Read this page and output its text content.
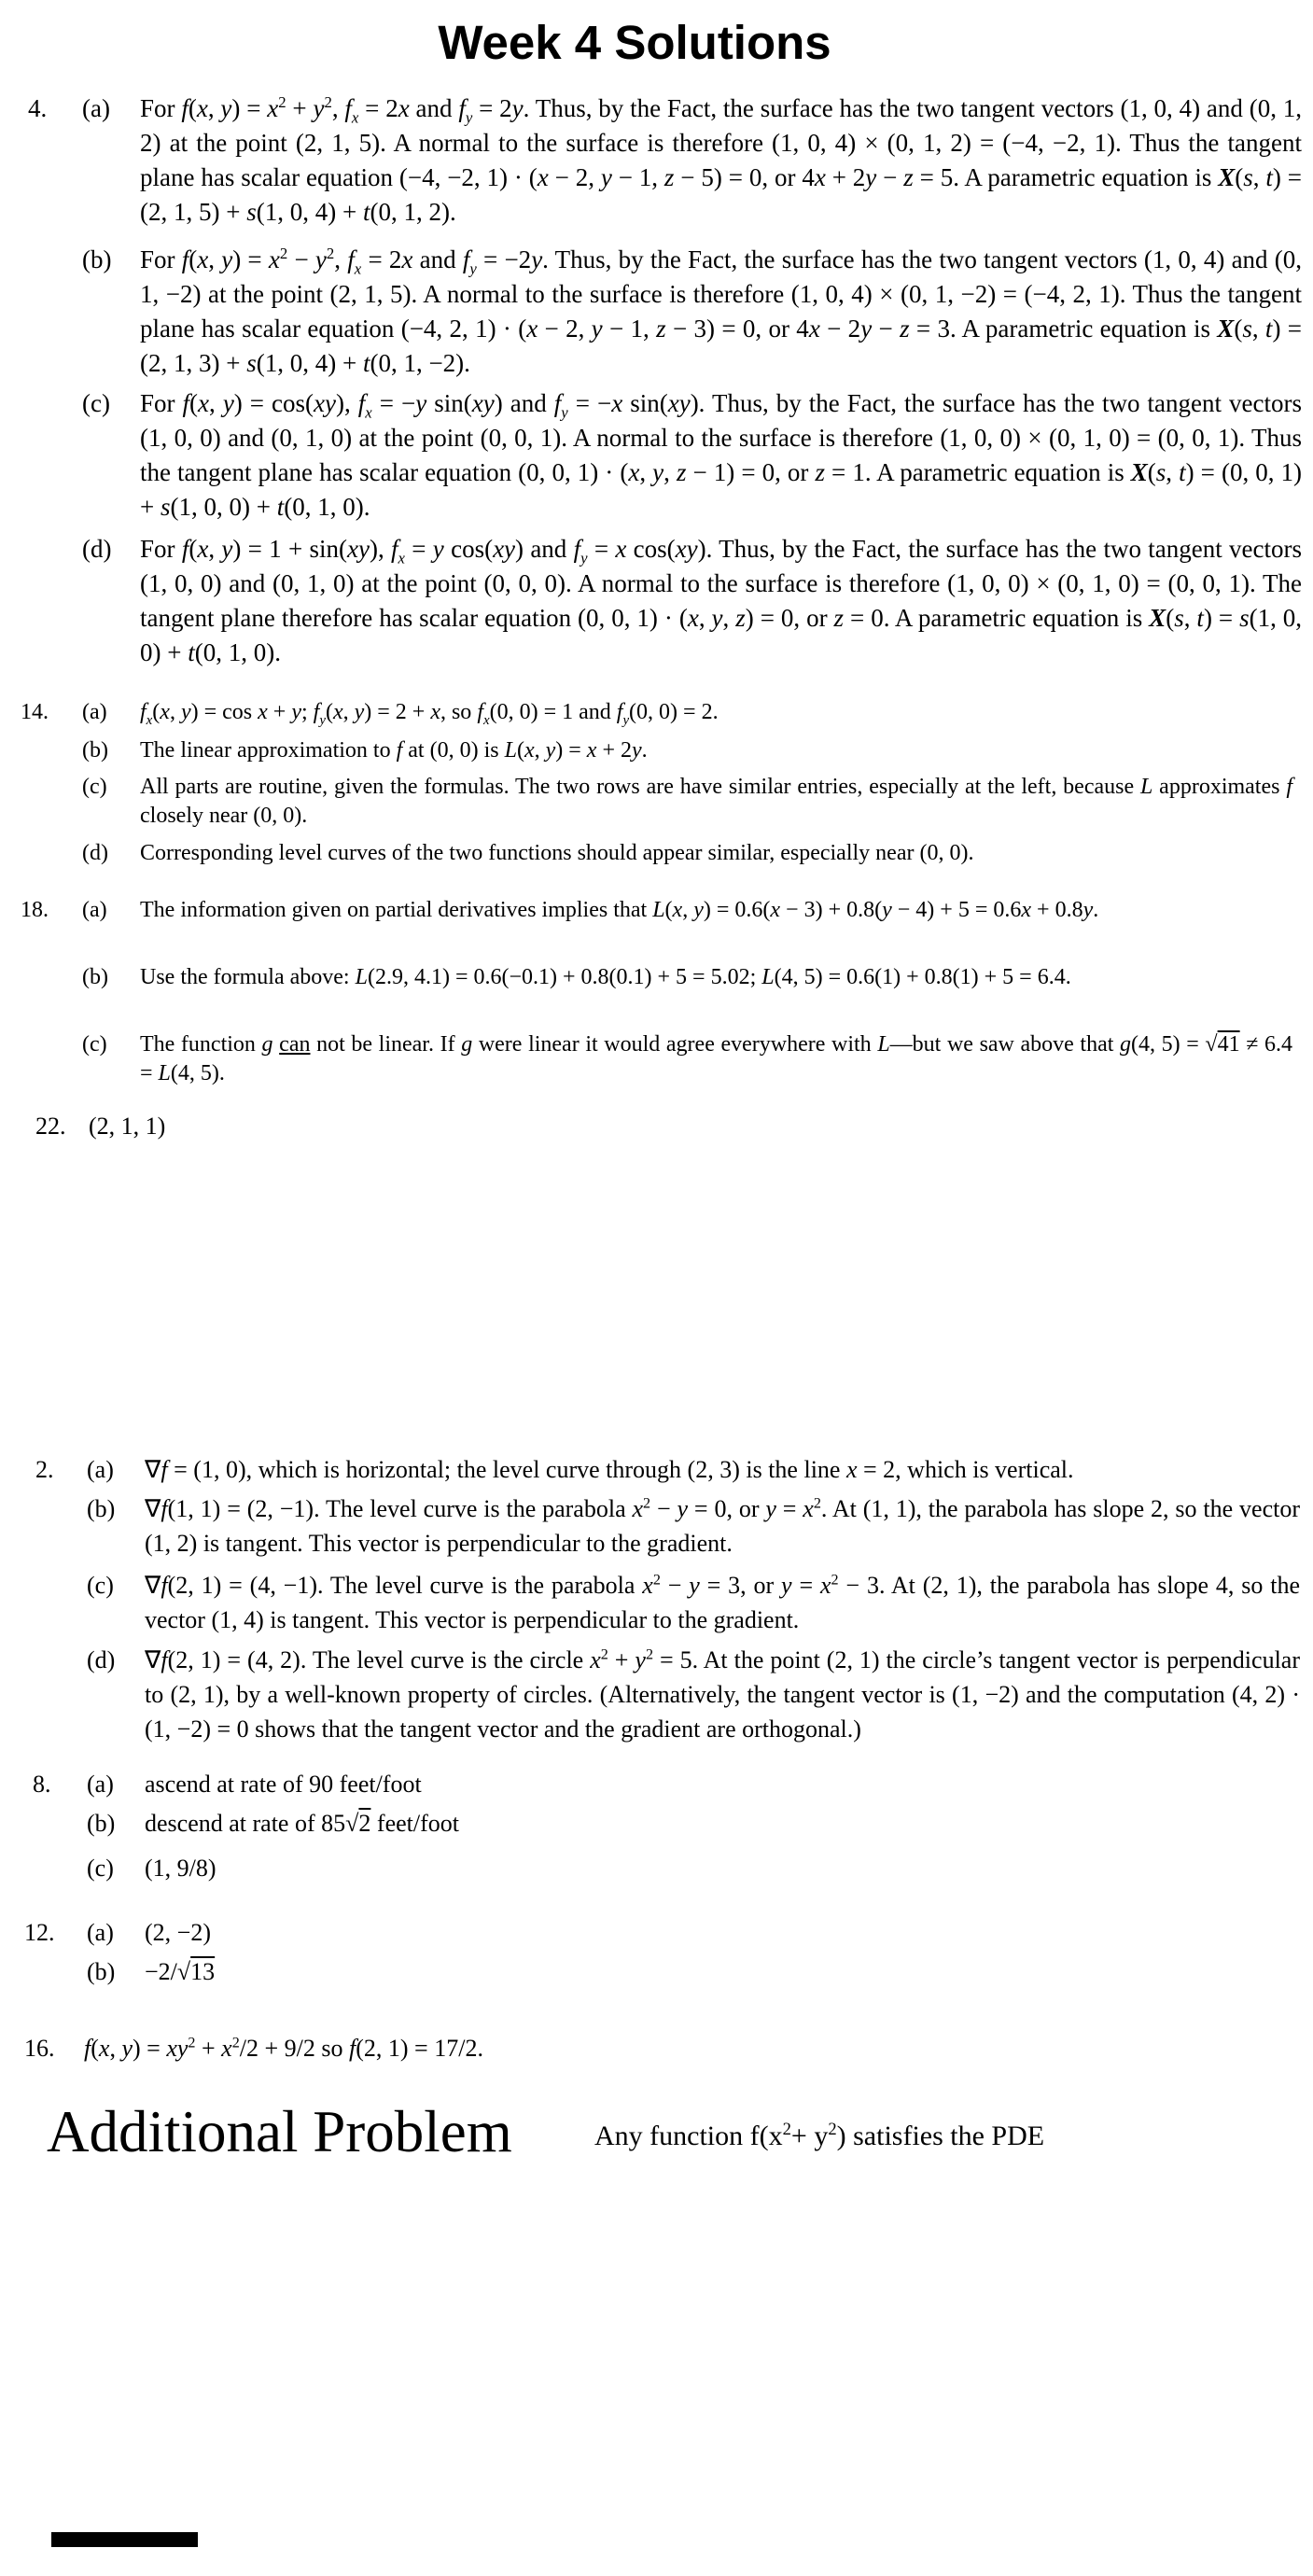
Week 4 Solutions
4. (a)	For f(x, $y) = x^2 + y^2$, $f_x = 2x$ and $f_y = 2y$. Thus, by the Fact, the surface has the two tangent vectors (1, 0, 4) and (0, 1, 2) at the point (2, 1, 5). A normal to the surface is therefore (1, 0, 4) × (0, 1, 2) = (−4, −2, 1). Thus the tangent plane has scalar equation (−4, −2, 1) · (x − 2, y − 1, z − 5) = 0, or 4x + 2y − z = 5. A parametric equation is X(s, t) = (2, 1, 5) + s(1, 0, 4) + t(0, 1, 2).
(b)	For f(x, $y) = x^2 - y^2$, $f_x = 2x$ and $f_y = -2y$. Thus, by the Fact, the surface has the two tangent vectors (1, 0, 4) and (0, 1, −2) at the point (2, 1, 5). A normal to the surface is therefore (1, 0, 4) × (0, 1, −2) = (−4, 2, 1). Thus the tangent plane has scalar equation (−4, 2, 1) · (x − 2, y − 1, z − 3) = 0, or 4x − 2y − z = 3. A parametric equation is X(s, t) = (2, 1, 3) + s(1, 0, 4) + t(0, 1, −2).
(c)	For f(x, y) = cos(xy), $f_x = -y$ sin(xy) and $f_y = -x$ sin(xy). Thus, by the Fact, the surface has the two tangent vectors (1, 0, 0) and (0, 1, 0) at the point (0, 0, 1). A normal to the surface is therefore (1, 0, 0) × (0, 1, 0) = (0, 0, 1). Thus the tangent plane has scalar equation (0, 0, 1) · (x, y, z − 1) = 0, or z = 1. A parametric equation is X(s, t) = (0, 0, 1) + s(1, 0, 0) + t(0, 1, 0).
(d)	For f(x, y) = 1 + sin(xy), $f_x = y$ cos(xy) and $f_y = x$ cos(xy). Thus, by the Fact, the surface has the two tangent vectors (1, 0, 0) and (0, 1, 0) at the point (0, 0, 0). A normal to the surface is therefore (1, 0, 0) × (0, 1, 0) = (0, 0, 1). The tangent plane therefore has scalar equation (0, 0, 1) · (x, y, z) = 0, or z = 0. A parametric equation is X(s, t) = s(1, 0, 0) + t(0, 1, 0).
14. (a)	$f_x(x$, y) = cos x + y; $f_y(x$, y) = 2 + x, so $f_x(0$, 0) = 1 and $f_y(0$, 0) = 2.
(b)	The linear approximation to f at (0, 0) is L(x, y) = x + 2y.
(c)	All parts are routine, given the formulas. The two rows are have similar entries, especially at the left, because L approximates f closely near (0, 0).
(d)	Corresponding level curves of the two functions should appear similar, especially near (0, 0).
18. (a)	The information given on partial derivatives implies that L(x, y) = 0.6(x − 3) + 0.8(y − 4) + 5 = 0.6x + 0.8y.
(b)	Use the formula above: L(2.9, 4.1) = 0.6(−0.1) + 0.8(0.1) + 5 = 5.02; L(4, 5) = 0.6(1) + 0.8(1) + 5 = 6.4.
(c)	The function g can not be linear. If g were linear it would agree everywhere with L—but we saw above that g(4, 5) = √41 ≠ 6.4 = L(4, 5).
22. (2, 1, 1)
2. (a)	∇f = (1, 0), which is horizontal; the level curve through (2, 3) is the line x = 2, which is vertical.
(b)	∇f(1, 1) = (2, −1). The level curve is the parabola $x^2 - y = 0$, or $y = x^2$. At (1, 1), the parabola has slope 2, so the vector (1, 2) is tangent. This vector is perpendicular to the gradient.
(c)	∇f(2, 1) = (4, −1). The level curve is the parabola $x^2 - y = 3$, or $y = x^2 - 3$. At (2, 1), the parabola has slope 4, so the vector (1, 4) is tangent. This vector is perpendicular to the gradient.
(d)	∇f(2, 1) = (4, 2). The level curve is the circle $x^2 + y^2 = 5$. At the point (2, 1) the circle’s tangent vector is perpendicular to (2, 1), by a well-known property of circles. (Alternatively, the tangent vector is (1, −2) and the computation (4, 2) · (1, −2) = 0 shows that the tangent vector and the gradient are orthogonal.)
8. (a)	ascend at rate of 90 feet/foot
(b)	descend at rate of 85√2 feet/foot
(c)	(1, 9/8)
12. (a)	(2, −2)
(b)	−2/√13
16. f(x, $y) = xy^2 + x^2/2 + 9/2$ so f(2, 1) = 17/2.
Additional Problem	Any function $f(x^2+ y^2)$ satisfies the PDE
